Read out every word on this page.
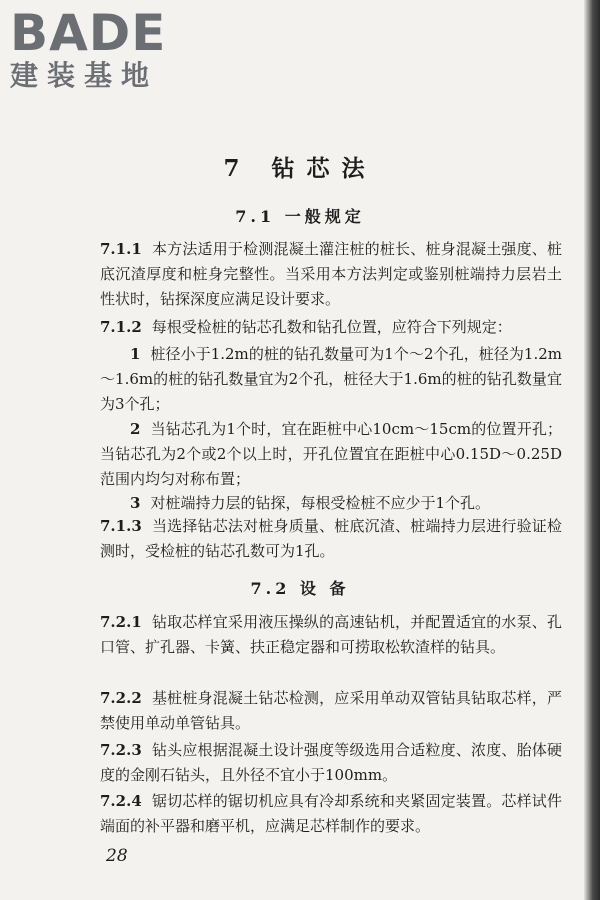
BADE
建装基地
7 钻芯法
7.1 一般规定
7.1.1 本方法适用于检测混凝土灌注桩的桩长、桩身混凝土强度、桩底沉渣厚度和桩身完整性。当采用本方法判定或鉴别桩端持力层岩土性状时，钻探深度应满足设计要求。
7.1.2 每根受检桩的钻芯孔数和钻孔位置，应符合下列规定：
1 桩径小于1.2m的桩的钻孔数量可为1个～2个孔，桩径为1.2m～1.6m的桩的钻孔数量宜为2个孔，桩径大于1.6m的桩的钻孔数量宜为3个孔；
2 当钻芯孔为1个时，宜在距桩中心10cm～15cm的位置开孔；当钻芯孔为2个或2个以上时，开孔位置宜在距桩中心0.15D～0.25D范围内均匀对称布置；
3 对桩端持力层的钻探，每根受检桩不应少于1个孔。
7.1.3 当选择钻芯法对桩身质量、桩底沉渣、桩端持力层进行验证检测时，受检桩的钻芯孔数可为1孔。
7.2 设 备
7.2.1 钻取芯样宜采用液压操纵的高速钻机，并配置适宜的水泵、孔口管、扩孔器、卡簧、扶正稳定器和可捞取松软渣样的钻具。
7.2.2 基桩桩身混凝土钻芯检测，应采用单动双管钻具钻取芯样，严禁使用单动单管钻具。
7.2.3 钻头应根据混凝土设计强度等级选用合适粒度、浓度、胎体硬度的金刚石钻头，且外径不宜小于100mm。
7.2.4 锯切芯样的锯切机应具有冷却系统和夹紧固定装置。芯样试件端面的补平器和磨平机，应满足芯样制作的要求。
28
